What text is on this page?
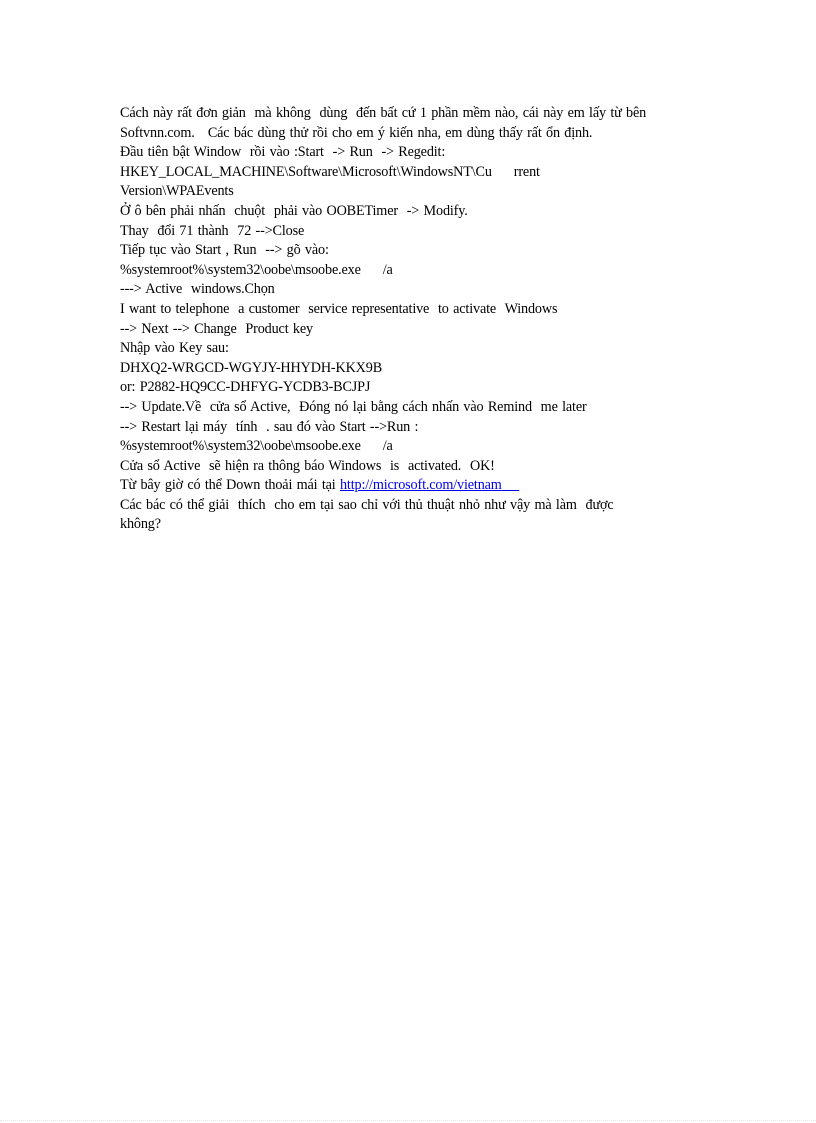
Cách này rất đơn giản  mà không  dùng  đến bất cứ 1 phần mềm nào, cái này em lấy từ bên
Softvnn.com.   Các bác dùng thử rồi cho em ý kiến nha, em dùng thấy rất ổn định.
Đầu tiên bật Window  rồi vào :Start  -> Run  -> Regedit:
HKEY_LOCAL_MACHINE\Software\Microsoft\WindowsNT\Cu     rrent
Version\WPAEvents
Ở ô bên phải nhấn  chuột  phải vào OOBETimer  -> Modify.
Thay  đổi 71 thành  72 -->Close
Tiếp tục vào Start , Run  --> gõ vào:
%systemroot%\system32\oobe\msoobe.exe     /a
---> Active  windows.Chọn
I want to telephone  a customer  service representative  to activate  Windows
--> Next --> Change  Product key
Nhập vào Key sau:
DHXQ2-WRGCD-WGYJY-HHYDH-KKX9B
or: P2882-HQ9CC-DHFYG-YCDB3-BCJPJ
--> Update.Về  cửa sổ Active,  Đóng nó lại bằng cách nhấn vào Remind  me later
--> Restart lại máy  tính  . sau đó vào Start -->Run :
%systemroot%\system32\oobe\msoobe.exe     /a
Cửa sổ Active  sẽ hiện ra thông báo Windows  is  activated.  OK!
Từ bây giờ có thể Down thoải mái tại http://microsoft.com/vietnam
Các bác có thể giải  thích  cho em tại sao chỉ với thủ thuật nhỏ như vậy mà làm  được
không?
